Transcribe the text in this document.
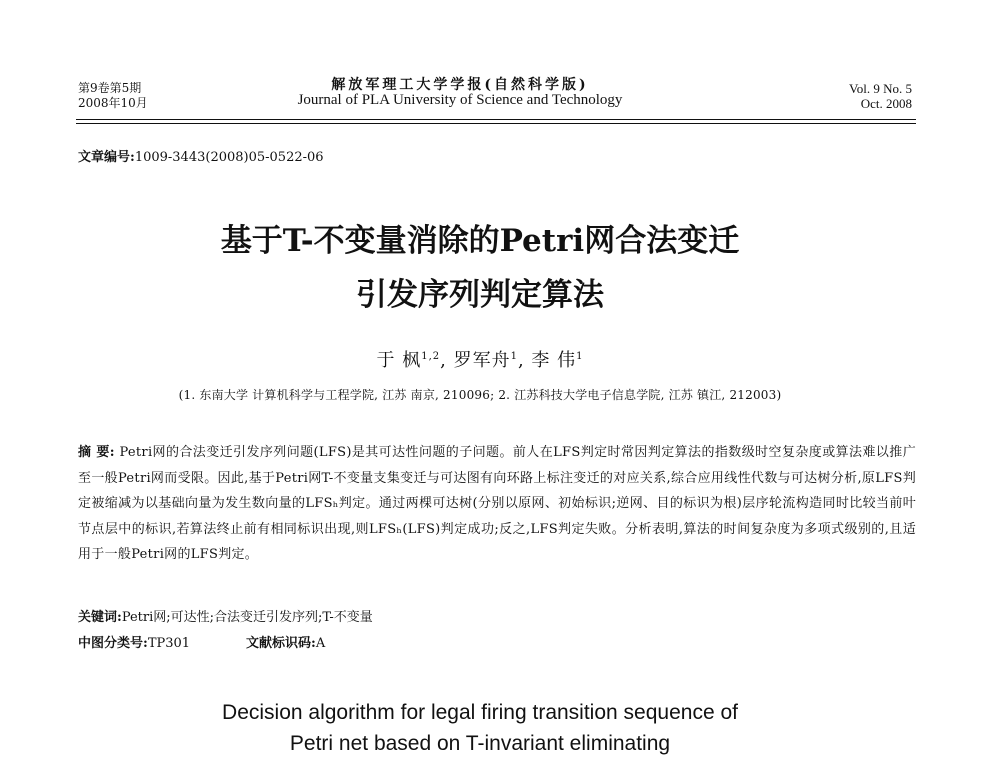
第9卷第5期
2008年10月
解放军理工大学学报(自然科学版)
Journal of PLA University of Science and Technology
Vol. 9 No. 5
Oct. 2008
文章编号:1009-3443(2008)05-0522-06
基于T-不变量消除的Petri网合法变迁
引发序列判定算法
于 枫$^{1,2}$, 罗军舟$^1$, 李 伟$^1$
(1. 东南大学 计算机科学与工程学院, 江苏 南京, 210096; 2. 江苏科技大学电子信息学院, 江苏 镇江, 212003)
摘 要: Petri网的合法变迁引发序列问题(LFS)是其可达性问题的子问题。前人在LFS判定时常因判定算法的指数级时空复杂度或算法难以推广至一般Petri网而受限。因此,基于Petri网T-不变量支集变迁与可达图有向环路上标注变迁的对应关系,综合应用线性代数与可达树分析,原LFS判定被缩减为以基础向量为发生数向量的LFSₕ判定。通过两棵可达树(分别以原网、初始标识;逆网、目的标识为根)层序轮流构造同时比较当前叶节点层中的标识,若算法终止前有相同标识出现,则LFSₕ(LFS)判定成功;反之,LFS判定失败。分析表明,算法的时间复杂度为多项式级别的,且适用于一般Petri网的LFS判定。
关键词:Petri网;可达性;合法变迁引发序列;T-不变量
中图分类号:TP301	文献标识码:A
Decision algorithm for legal firing transition sequence of
Petri net based on T-invariant eliminating
